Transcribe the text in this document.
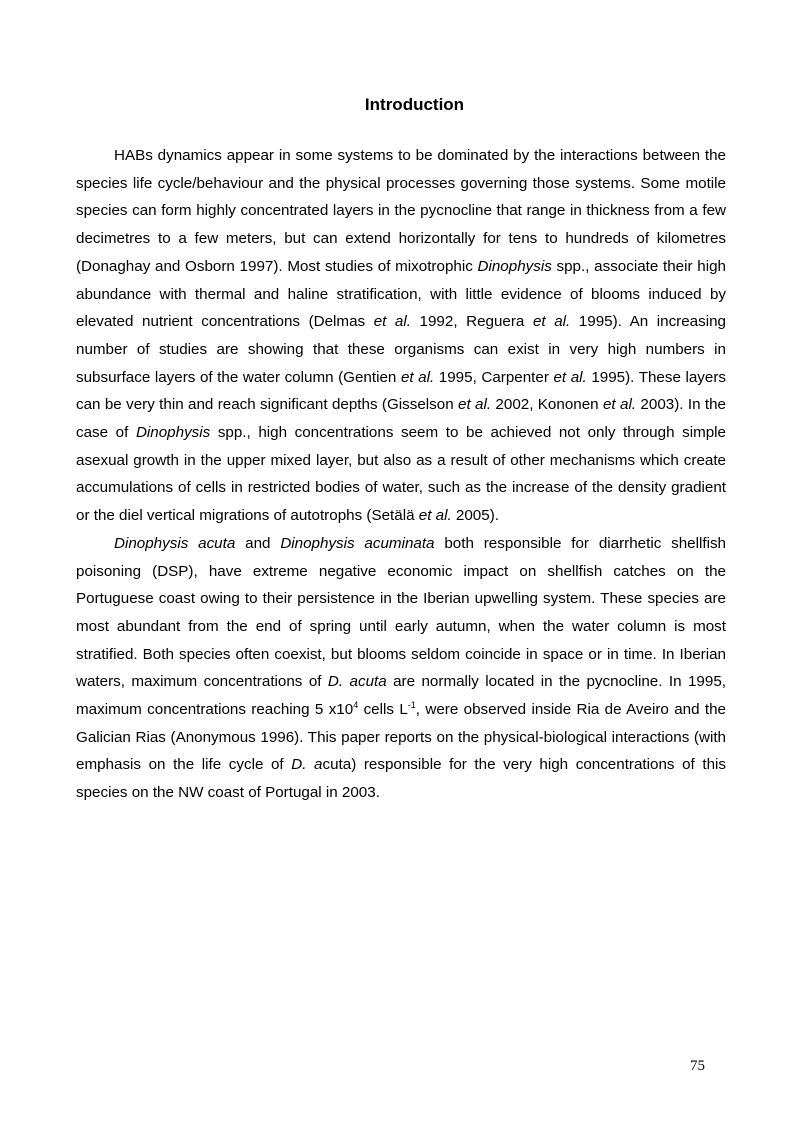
Introduction

HABs dynamics appear in some systems to be dominated by the interactions between the species life cycle/behaviour and the physical processes governing those systems. Some motile species can form highly concentrated layers in the pycnocline that range in thickness from a few decimetres to a few meters, but can extend horizontally for tens to hundreds of kilometres (Donaghay and Osborn 1997). Most studies of mixotrophic Dinophysis spp., associate their high abundance with thermal and haline stratification, with little evidence of blooms induced by elevated nutrient concentrations (Delmas et al. 1992, Reguera et al. 1995). An increasing number of studies are showing that these organisms can exist in very high numbers in subsurface layers of the water column (Gentien et al. 1995, Carpenter et al. 1995). These layers can be very thin and reach significant depths (Gisselson et al. 2002, Kononen et al. 2003). In the case of Dinophysis spp., high concentrations seem to be achieved not only through simple asexual growth in the upper mixed layer, but also as a result of other mechanisms which create accumulations of cells in restricted bodies of water, such as the increase of the density gradient or the diel vertical migrations of autotrophs (Setälä et al. 2005).

Dinophysis acuta and Dinophysis acuminata both responsible for diarrhetic shellfish poisoning (DSP), have extreme negative economic impact on shellfish catches on the Portuguese coast owing to their persistence in the Iberian upwelling system. These species are most abundant from the end of spring until early autumn, when the water column is most stratified. Both species often coexist, but blooms seldom coincide in space or in time. In Iberian waters, maximum concentrations of D. acuta are normally located in the pycnocline. In 1995, maximum concentrations reaching 5 $x10^4$ cells $L^{-1}$, were observed inside Ria de Aveiro and the Galician Rias (Anonymous 1996). This paper reports on the physical-biological interactions (with emphasis on the life cycle of D. acuta) responsible for the very high concentrations of this species on the NW coast of Portugal in 2003.

75
